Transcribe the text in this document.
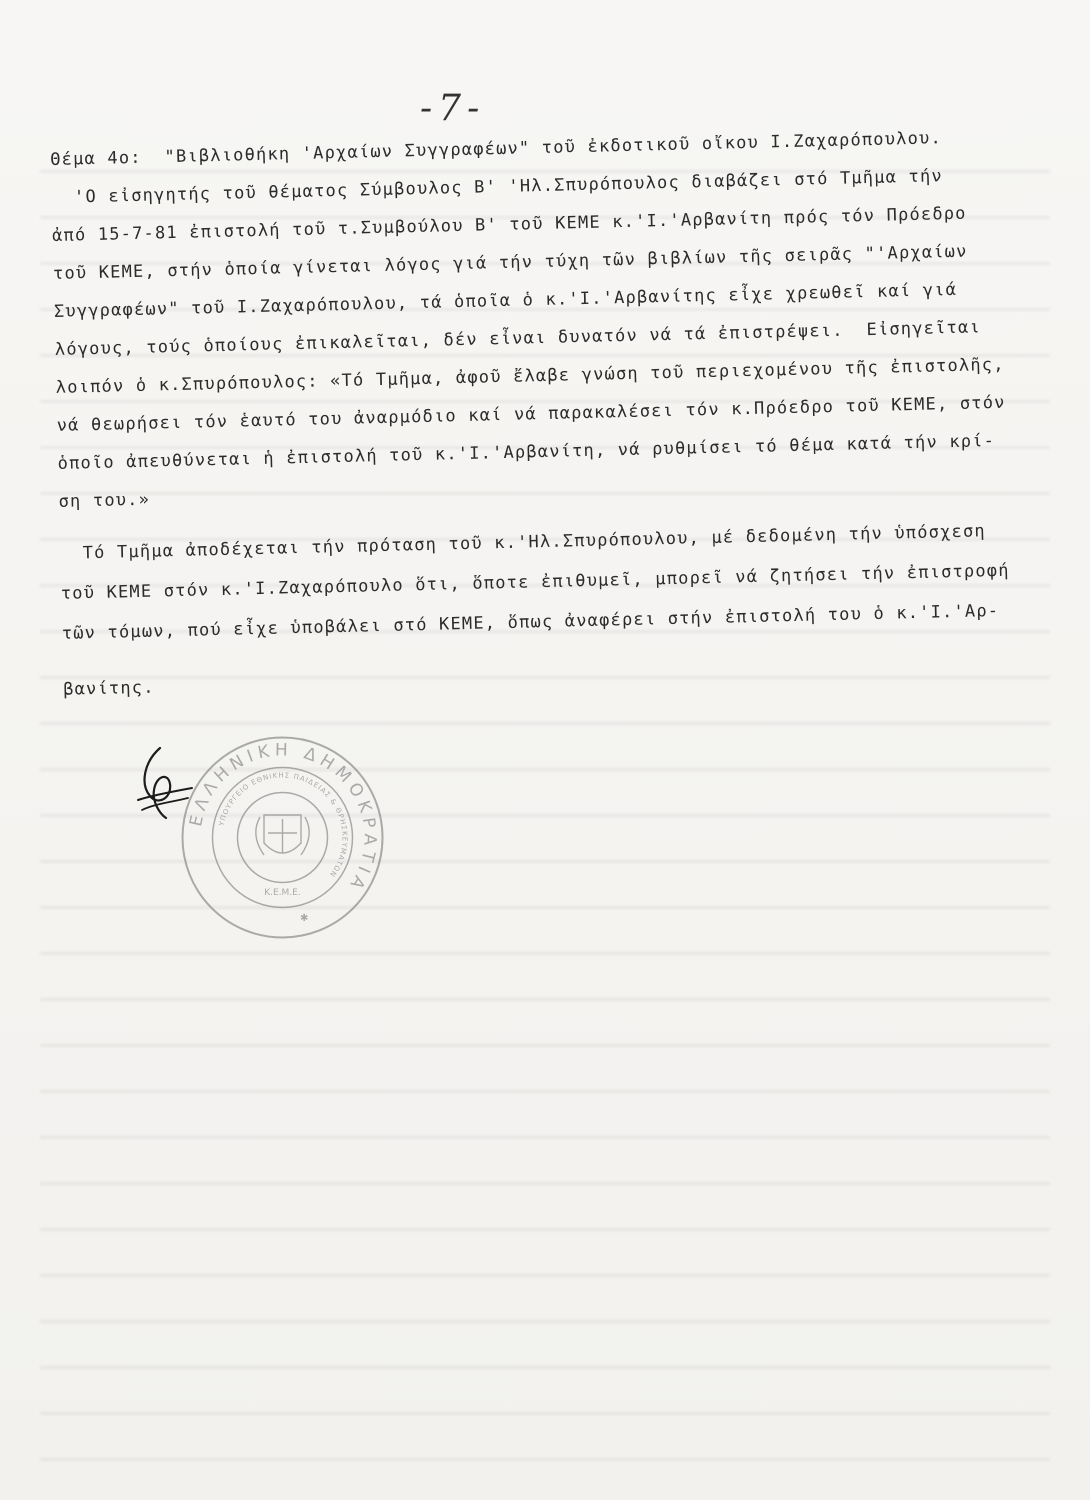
-7-
Θέμα 4ο:  "Βιβλιοθήκη 'Αρχαίων Συγγραφέων" τοῦ ἐκδοτικοῦ οἴκου Ι.Ζαχαρόπουλου.
'Ο εἰσηγητής τοῦ θέματος Σύμβουλος Β' 'Ηλ.Σπυρόπουλος διαβάζει στό Τμῆμα τήν
ἀπό 15-7-81 ἐπιστολή τοῦ τ.Συμβούλου Β' τοῦ ΚΕΜΕ κ.'Ι.'Αρβανίτη πρός τόν Πρόεδρο
τοῦ ΚΕΜΕ, στήν ὁποία γίνεται λόγος γιά τήν τύχη τῶν βιβλίων τῆς σειρᾶς "'Αρχαίων
Συγγραφέων" τοῦ Ι.Ζαχαρόπουλου, τά ὁποῖα ὁ κ.'Ι.'Αρβανίτης εἶχε χρεωθεῖ καί γιά
λόγους, τούς ὁποίους ἐπικαλεῖται, δέν εἶναι δυνατόν νά τά ἐπιστρέψει.  Εἰσηγεῖται
λοιπόν ὁ κ.Σπυρόπουλος: «Τό Τμῆμα, ἀφοῦ ἔλαβε γνώση τοῦ περιεχομένου τῆς ἐπιστολῆς,
νά θεωρήσει τόν ἑαυτό του ἀναρμόδιο καί νά παρακαλέσει τόν κ.Πρόεδρο τοῦ ΚΕΜΕ, στόν
ὁποῖο ἀπευθύνεται ἡ ἐπιστολή τοῦ κ.'Ι.'Αρβανίτη, νά ρυθμίσει τό θέμα κατά τήν κρί-
ση του.»
Τό Τμῆμα ἀποδέχεται τήν πρόταση τοῦ κ.'Ηλ.Σπυρόπουλου, μέ δεδομένη τήν ὑπόσχεση
τοῦ ΚΕΜΕ στόν κ.'Ι.Ζαχαρόπουλο ὅτι, ὅποτε ἐπιθυμεῖ, μπορεῖ νά ζητήσει τήν ἐπιστροφή
τῶν τόμων, πού εἶχε ὑποβάλει στό ΚΕΜΕ, ὅπως ἀναφέρει στήν ἐπιστολή του ὁ κ.'Ι.'Αρ-
βανίτης.
ΕΛΛΗΝΙΚΗ ΔΗΜΟΚΡΑΤΙΑ
ΥΠΟΥΡΓΕΙΟ ΕΘΝΙΚΗΣ ΠΑΙΔΕΙΑΣ & ΘΡΗΣΚΕΥΜΑΤΩΝ
Κ.Ε.Μ.Ε.
✱
